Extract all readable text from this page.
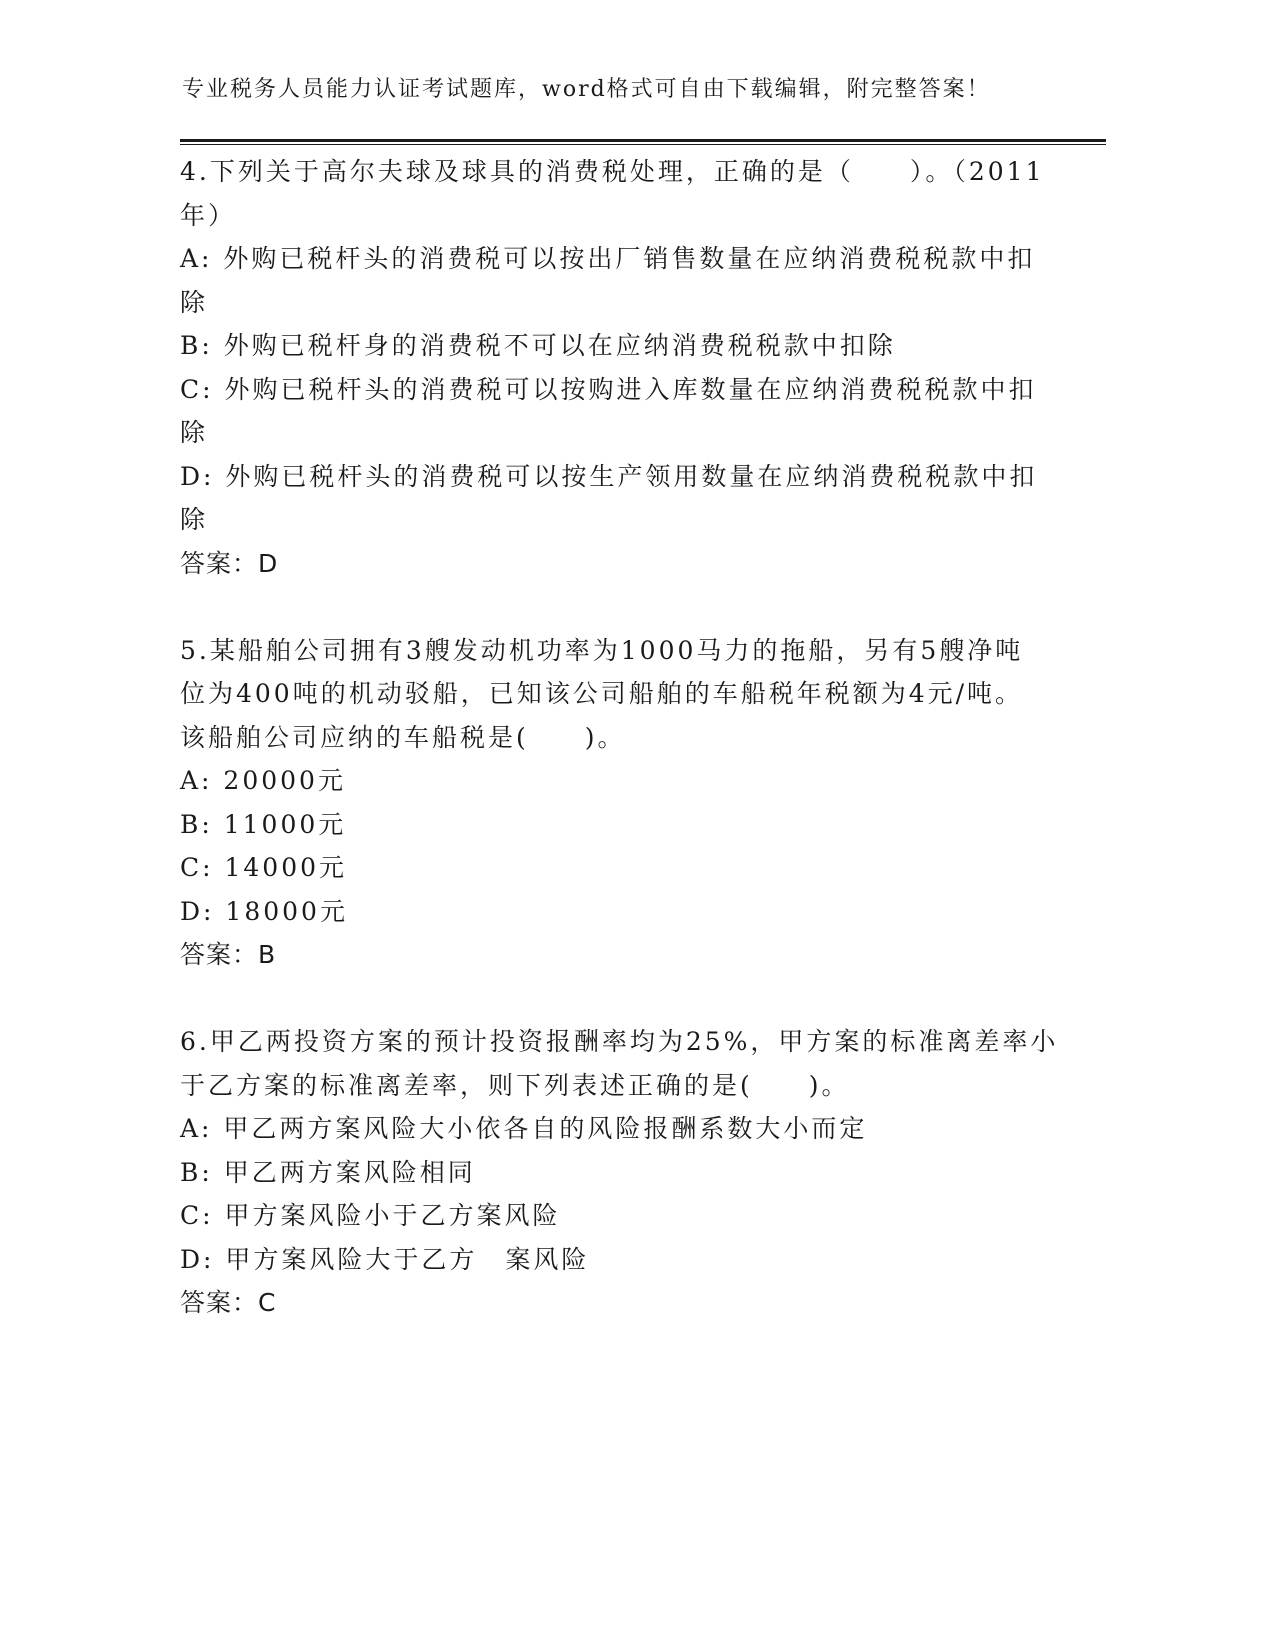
专业税务人员能力认证考试题库，word格式可自由下载编辑，附完整答案！
4.下列关于高尔夫球及球具的消费税处理，正确的是（　　）。（2011
年）
A: 外购已税杆头的消费税可以按出厂销售数量在应纳消费税税款中扣
除
B: 外购已税杆身的消费税不可以在应纳消费税税款中扣除
C: 外购已税杆头的消费税可以按购进入库数量在应纳消费税税款中扣
除
D: 外购已税杆头的消费税可以按生产领用数量在应纳消费税税款中扣
除
答案：D
5.某船舶公司拥有3艘发动机功率为1000马力的拖船，另有5艘净吨
位为400吨的机动驳船，已知该公司船舶的车船税年税额为4元/吨。
该船舶公司应纳的车船税是(　　)。
A: 20000元
B: 11000元
C: 14000元
D: 18000元
答案：B
6.甲乙两投资方案的预计投资报酬率均为25%，甲方案的标准离差率小
于乙方案的标准离差率，则下列表述正确的是(　　)。
A: 甲乙两方案风险大小依各自的风险报酬系数大小而定
B: 甲乙两方案风险相同
C: 甲方案风险小于乙方案风险
D: 甲方案风险大于乙方　案风险
答案：C
